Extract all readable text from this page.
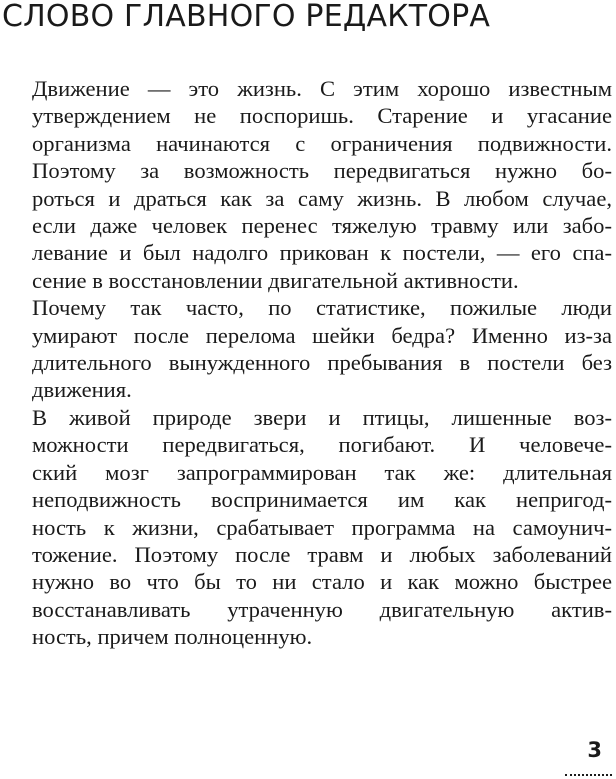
СЛОВО ГЛАВНОГО РЕДАКТОРА

Движение — это жизнь. С этим хорошо известным
утверждением не поспоришь. Старение и угасание
организма начинаются с ограничения подвижности.
Поэтому за возможность передвигаться нужно бо-
роться и драться как за саму жизнь. В любом случае,
если даже человек перенес тяжелую травму или забо-
левание и был надолго прикован к постели, — его спа-
сение в восстановлении двигательной активности.

Почему так часто, по статистике, пожилые люди
умирают после перелома шейки бедра? Именно из-за
длительного вынужденного пребывания в постели без
движения.

В живой природе звери и птицы, лишенные воз-
можности передвигаться, погибают. И человече-
ский мозг запрограммирован так же: длительная
неподвижность воспринимается им как непригод-
ность к жизни, срабатывает программа на самоунич-
тожение. Поэтому после травм и любых заболеваний
нужно во что бы то ни стало и как можно быстрее
восстанавливать утраченную двигательную актив-
ность, причем полноценную.

3
